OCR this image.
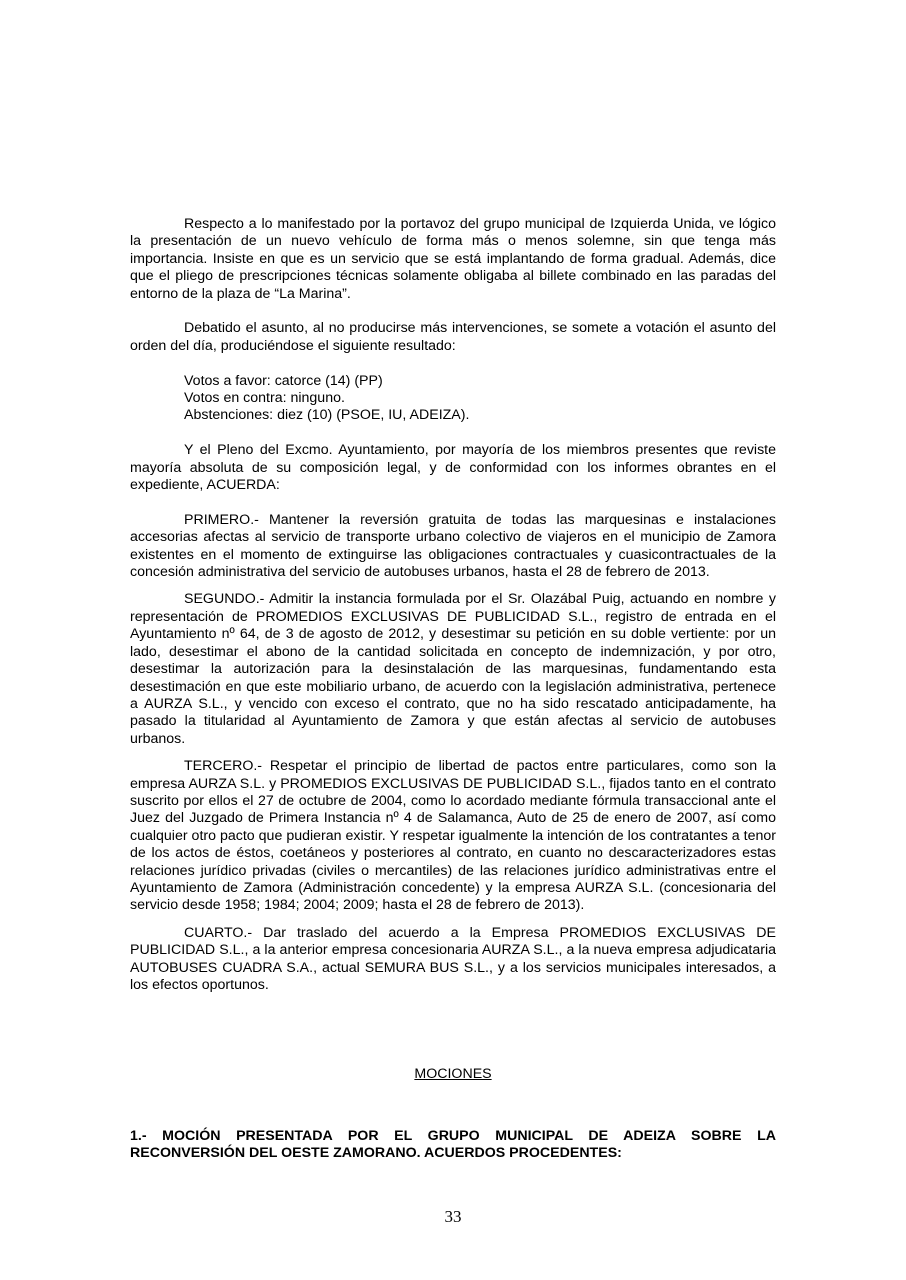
Respecto a lo manifestado por la portavoz del grupo municipal de Izquierda Unida, ve lógico la presentación de un nuevo vehículo de forma más o menos solemne, sin que tenga más importancia. Insiste en que es un servicio que se está implantando de forma gradual. Además, dice que el pliego de prescripciones técnicas solamente obligaba al billete combinado en las paradas del entorno de la plaza de “La Marina”.

Debatido el asunto, al no producirse más intervenciones, se somete a votación el asunto del orden del día, produciéndose el siguiente resultado:

Votos a favor: catorce (14) (PP)
Votos en contra: ninguno.
Abstenciones: diez (10) (PSOE, IU, ADEIZA).

Y el Pleno del Excmo. Ayuntamiento, por mayoría de los miembros presentes que reviste mayoría absoluta de su composición legal, y de conformidad con los informes obrantes en el expediente, ACUERDA:

PRIMERO.- Mantener la reversión gratuita de todas las marquesinas e instalaciones accesorias afectas al servicio de transporte urbano colectivo de viajeros en el municipio de Zamora existentes en el momento de extinguirse las obligaciones contractuales y cuasicontractuales de la concesión administrativa del servicio de autobuses urbanos, hasta el 28 de febrero de 2013.

SEGUNDO.- Admitir la instancia formulada por el Sr. Olazábal Puig, actuando en nombre y representación de PROMEDIOS EXCLUSIVAS DE PUBLICIDAD S.L., registro de entrada en el Ayuntamiento nº 64, de 3 de agosto de 2012, y desestimar su petición en su doble vertiente: por un lado, desestimar el abono de la cantidad solicitada en concepto de indemnización, y por otro, desestimar la autorización para la desinstalación de las marquesinas, fundamentando esta desestimación en que este mobiliario urbano, de acuerdo con la legislación administrativa, pertenece a AURZA S.L., y vencido con exceso el contrato, que no ha sido rescatado anticipadamente, ha pasado la titularidad al Ayuntamiento de Zamora y que están afectas al servicio de autobuses urbanos.

TERCERO.- Respetar el principio de libertad de pactos entre particulares, como son la empresa AURZA S.L. y PROMEDIOS EXCLUSIVAS DE PUBLICIDAD S.L., fijados tanto en el contrato suscrito por ellos el 27 de octubre de 2004, como lo acordado mediante fórmula transaccional ante el Juez del Juzgado de Primera Instancia nº 4 de Salamanca, Auto de 25 de enero de 2007, así como cualquier otro pacto que pudieran existir. Y respetar igualmente la intención de los contratantes a tenor de los actos de éstos, coetáneos y posteriores al contrato, en cuanto no descaracterizadores estas relaciones jurídico privadas (civiles o mercantiles) de las relaciones jurídico administrativas entre el Ayuntamiento de Zamora (Administración concedente) y la empresa AURZA S.L. (concesionaria del servicio desde 1958; 1984; 2004; 2009; hasta el 28 de febrero de 2013).

CUARTO.- Dar traslado del acuerdo a la Empresa PROMEDIOS EXCLUSIVAS DE PUBLICIDAD S.L., a la anterior empresa concesionaria AURZA S.L., a la nueva empresa adjudicataria AUTOBUSES CUADRA S.A., actual SEMURA BUS S.L., y a los servicios municipales interesados, a los efectos oportunos.

MOCIONES

1.- MOCIÓN PRESENTADA POR EL GRUPO MUNICIPAL DE ADEIZA SOBRE LA RECONVERSIÓN DEL OESTE ZAMORANO. ACUERDOS PROCEDENTES:

33
